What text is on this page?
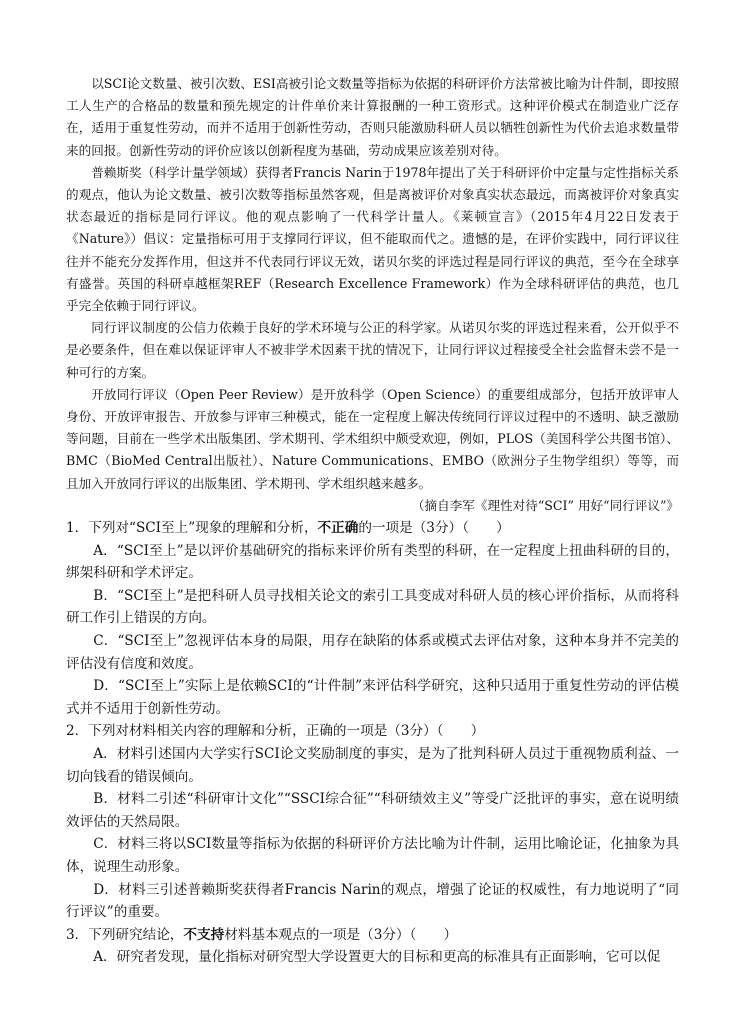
以SCI论文数量、被引次数、ESI高被引论文数量等指标为依据的科研评价方法常被比喻为计件制，即按照工人生产的合格品的数量和预先规定的计件单价来计算报酬的一种工资形式。这种评价模式在制造业广泛存在，适用于重复性劳动，而并不适用于创新性劳动，否则只能激励科研人员以牺牲创新性为代价去追求数量带来的回报。创新性劳动的评价应该以创新程度为基础，劳动成果应该差别对待。

普赖斯奖（科学计量学领域）获得者Francis Narin于1978年提出了关于科研评价中定量与定性指标关系的观点，他认为论文数量、被引次数等指标虽然客观，但是离被评价对象真实状态最远，而离被评价对象真实状态最近的指标是同行评议。他的观点影响了一代科学计量人。《莱顿宣言》（2015年4月22日发表于《Nature》）倡议：定量指标可用于支撑同行评议，但不能取而代之。遗憾的是，在评价实践中，同行评议往往并不能充分发挥作用，但这并不代表同行评议无效，诺贝尔奖的评选过程是同行评议的典范，至今在全球享有盛誉。英国的科研卓越框架REF（Research Excellence Framework）作为全球科研评估的典范，也几乎完全依赖于同行评议。

同行评议制度的公信力依赖于良好的学术环境与公正的科学家。从诺贝尔奖的评选过程来看，公开似乎不是必要条件，但在难以保证评审人不被非学术因素干扰的情况下，让同行评议过程接受全社会监督未尝不是一种可行的方案。

开放同行评议（Open Peer Review）是开放科学（Open Science）的重要组成部分，包括开放评审人身份、开放评审报告、开放参与评审三种模式，能在一定程度上解决传统同行评议过程中的不透明、缺乏激励等问题，目前在一些学术出版集团、学术期刊、学术组织中颇受欢迎，例如，PLOS（美国科学公共图书馆）、BMC（BioMed Central出版社）、Nature Communications、EMBO（欧洲分子生物学组织）等等，而且加入开放同行评议的出版集团、学术期刊、学术组织越来越多。

（摘自李军《理性对待“SCI” 用好“同行评议”》

1．下列对“SCI至上”现象的理解和分析，不正确的一项是（3分）（　　）

A．“SCI至上”是以评价基础研究的指标来评价所有类型的科研，在一定程度上扭曲科研的目的，绑架科研和学术评定。

B．“SCI至上”是把科研人员寻找相关论文的索引工具变成对科研人员的核心评价指标，从而将科研工作引上错误的方向。

C．“SCI至上”忽视评估本身的局限，用存在缺陷的体系或模式去评估对象，这种本身并不完美的评估没有信度和效度。

D．“SCI至上”实际上是依赖SCI的“计件制”来评估科学研究，这种只适用于重复性劳动的评估模式并不适用于创新性劳动。

2．下列对材料相关内容的理解和分析，正确的一项是（3分）（　　）

A．材料引述国内大学实行SCI论文奖励制度的事实，是为了批判科研人员过于重视物质利益、一切向钱看的错误倾向。

B．材料二引述“科研审计文化”“SSCI综合征”“科研绩效主义”等受广泛批评的事实，意在说明绩效评估的天然局限。

C．材料三将以SCI数量等指标为依据的科研评价方法比喻为计件制，运用比喻论证，化抽象为具体，说理生动形象。

D．材料三引述普赖斯奖获得者Francis Narin的观点，增强了论证的权威性，有力地说明了“同行评议”的重要。

3．下列研究结论，不支持材料基本观点的一项是（3分）（　　）

A．研究者发现，量化指标对研究型大学设置更大的目标和更高的标准具有正面影响，它可以促
